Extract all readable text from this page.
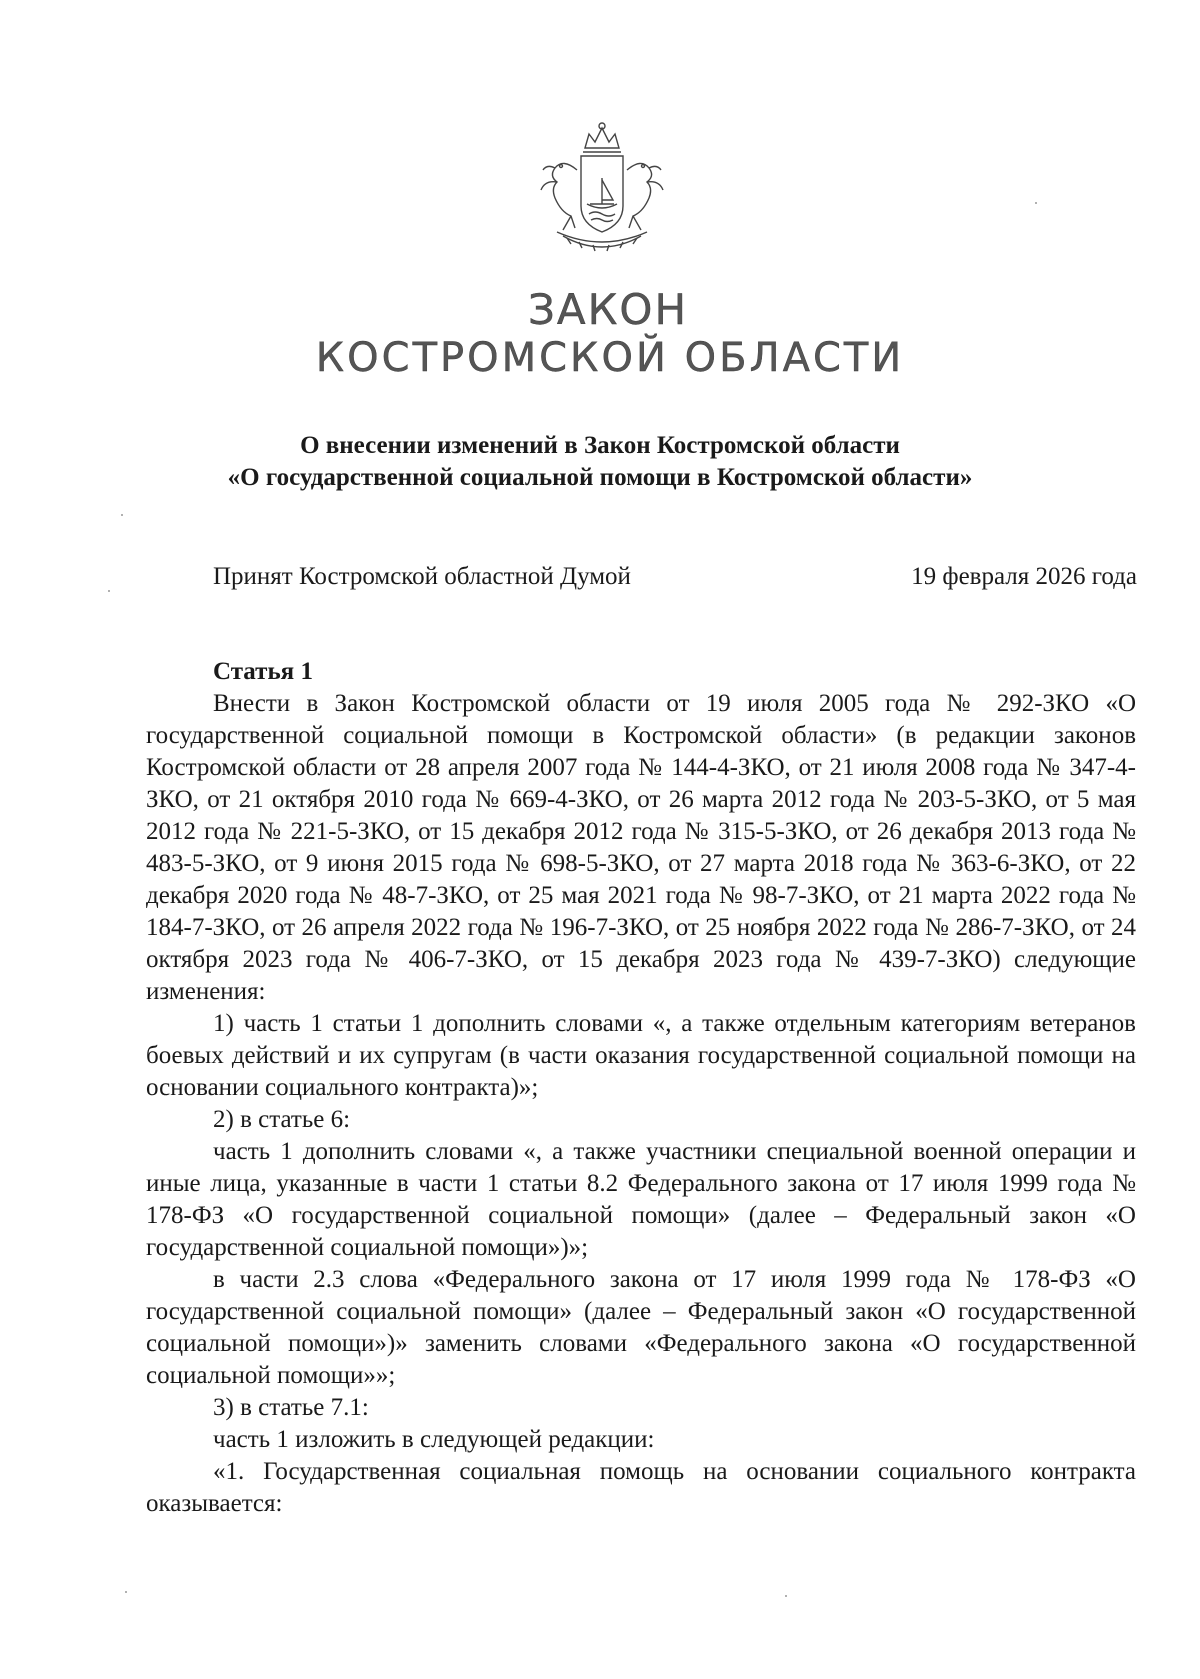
ЗАКОН
КОСТРОМСКОЙ ОБЛАСТИ
О внесении изменений в Закон Костромской области
«О государственной социальной помощи в Костромской области»
Принят Костромской областной Думой	19 февраля 2026 года
Статья 1

Внести в Закон Костромской области от 19 июля 2005 года № 292-ЗКО «О государственной социальной помощи в Костромской области» (в редакции законов Костромской области от 28 апреля 2007 года № 144-4-ЗКО, от 21 июля 2008 года № 347-4-ЗКО, от 21 октября 2010 года № 669-4-ЗКО, от 26 марта 2012 года № 203-5-ЗКО, от 5 мая 2012 года № 221-5-ЗКО, от 15 декабря 2012 года № 315-5-ЗКО, от 26 декабря 2013 года № 483-5-ЗКО, от 9 июня 2015 года № 698-5-ЗКО, от 27 марта 2018 года № 363-6-ЗКО, от 22 декабря 2020 года № 48-7-ЗКО, от 25 мая 2021 года № 98-7-ЗКО, от 21 марта 2022 года № 184-7-ЗКО, от 26 апреля 2022 года № 196-7-ЗКО, от 25 ноября 2022 года № 286-7-ЗКО, от 24 октября 2023 года № 406-7-ЗКО, от 15 декабря 2023 года № 439-7-ЗКО) следующие изменения:

1) часть 1 статьи 1 дополнить словами «, а также отдельным категориям ветеранов боевых действий и их супругам (в части оказания государственной социальной помощи на основании социального контракта)»;

2) в статье 6:

часть 1 дополнить словами «, а также участники специальной военной операции и иные лица, указанные в части 1 статьи 8.2 Федерального закона от 17 июля 1999 года № 178-ФЗ «О государственной социальной помощи» (далее – Федеральный закон «О государственной социальной помощи»)»;

в части 2.3 слова «Федерального закона от 17 июля 1999 года № 178-ФЗ «О государственной социальной помощи» (далее – Федеральный закон «О государственной социальной помощи»)» заменить словами «Федерального закона «О государственной социальной помощи»»;

3) в статье 7.1:

часть 1 изложить в следующей редакции:

«1. Государственная социальная помощь на основании социального контракта оказывается:
